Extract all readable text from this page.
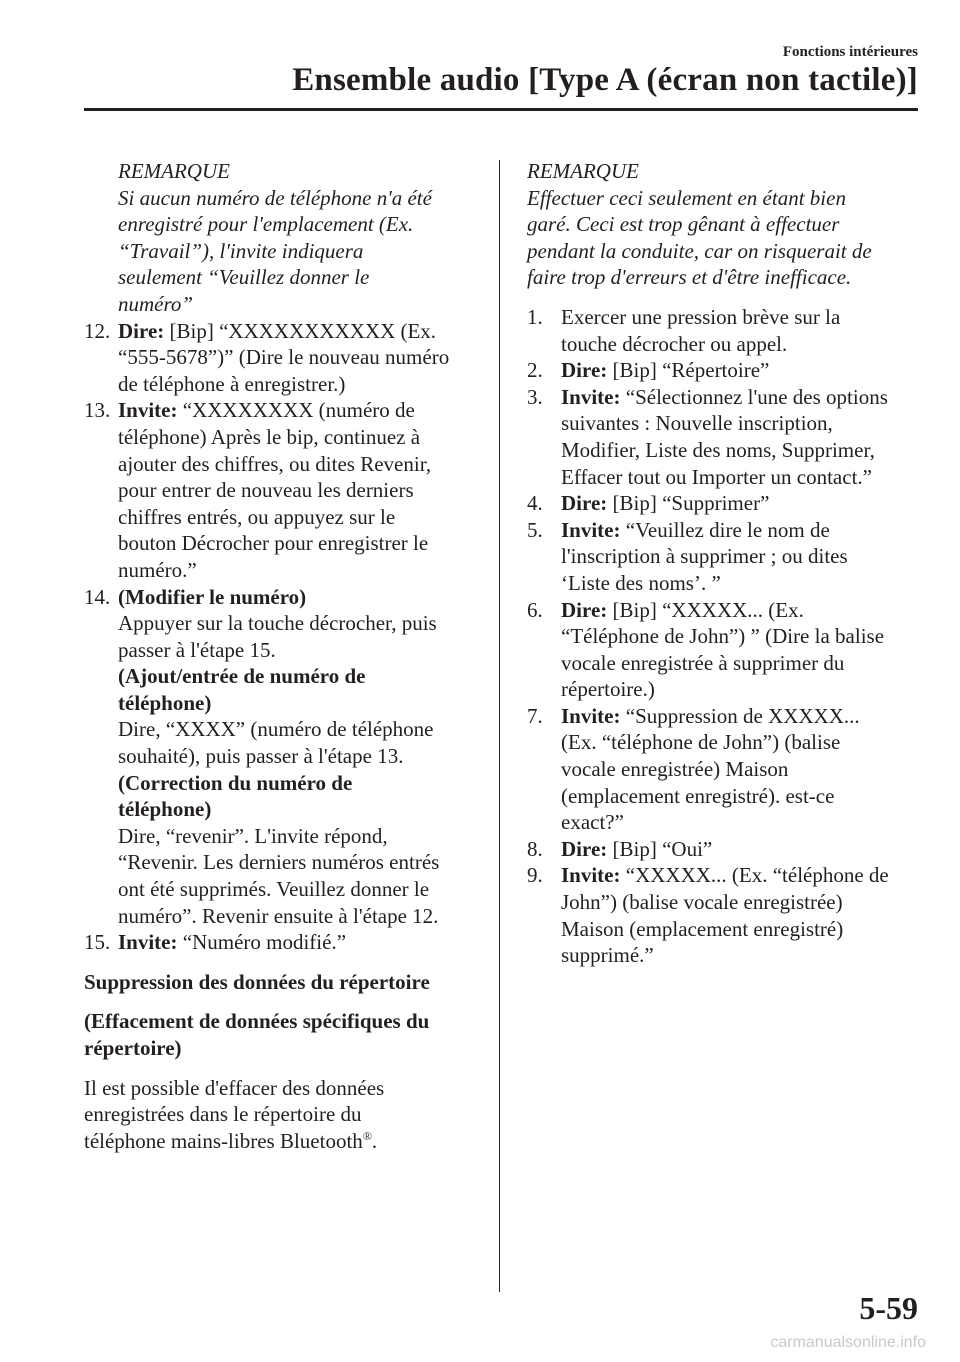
Fonctions intérieures
Ensemble audio [Type A (écran non tactile)]
REMARQUE
Si aucun numéro de téléphone n'a été
enregistré pour l'emplacement (Ex.
“Travail”), l'invite indiquera
seulement “Veuillez donner le
numéro”
12. Dire: [Bip] “XXXXXXXXXXX (Ex.
“555-5678”)” (Dire le nouveau numéro
de téléphone à enregistrer.)
13. Invite: “XXXXXXXX (numéro de
téléphone) Après le bip, continuez à
ajouter des chiffres, ou dites Revenir,
pour entrer de nouveau les derniers
chiffres entrés, ou appuyez sur le
bouton Décrocher pour enregistrer le
numéro.”
14. (Modifier le numéro)
Appuyer sur la touche décrocher, puis
passer à l'étape 15.
(Ajout/entrée de numéro de
téléphone)
Dire, “XXXX” (numéro de téléphone
souhaité), puis passer à l'étape 13.
(Correction du numéro de
téléphone)
Dire, “revenir”. L'invite répond,
“Revenir. Les derniers numéros entrés
ont été supprimés. Veuillez donner le
numéro”. Revenir ensuite à l'étape 12.
15. Invite: “Numéro modifié.”
Suppression des données du répertoire
(Effacement de données spécifiques du
répertoire)
Il est possible d'effacer des données
enregistrées dans le répertoire du
téléphone mains-libres Bluetooth®.
REMARQUE
Effectuer ceci seulement en étant bien
garé. Ceci est trop gênant à effectuer
pendant la conduite, car on risquerait de
faire trop d'erreurs et d'être inefficace.
1. Exercer une pression brève sur la
touche décrocher ou appel.
2. Dire: [Bip] “Répertoire”
3. Invite: “Sélectionnez l'une des options
suivantes : Nouvelle inscription,
Modifier, Liste des noms, Supprimer,
Effacer tout ou Importer un contact.”
4. Dire: [Bip] “Supprimer”
5. Invite: “Veuillez dire le nom de
l'inscription à supprimer ; ou dites
‘Liste des noms’. ”
6. Dire: [Bip] “XXXXX... (Ex.
“Téléphone de John”) ” (Dire la balise
vocale enregistrée à supprimer du
répertoire.)
7. Invite: “Suppression de XXXXX...
(Ex. “téléphone de John”) (balise
vocale enregistrée) Maison
(emplacement enregistré). est-ce
exact?”
8. Dire: [Bip] “Oui”
9. Invite: “XXXXX... (Ex. “téléphone de
John”) (balise vocale enregistrée)
Maison (emplacement enregistré)
supprimé.”
5-59
carmanualsonline.info
